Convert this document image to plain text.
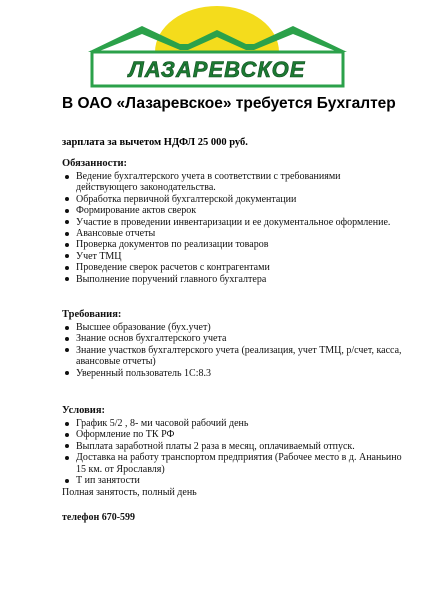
ЛАЗАРЕВСКОЕ
В ОАО «Лазаревское» требуется Бухгалтер
зарплата за вычетом НДФЛ 25 000 руб.
Обязанности:
Ведение бухгалтерского учета в соответствии с требованиями действующего законодательства.
Обработка первичной бухгалтерской документации
Формирование актов сверок
Участие в проведении инвентаризации и ее документальное оформление.
Авансовые отчеты
Проверка документов по реализации товаров
Учет ТМЦ
Проведение сверок расчетов с контрагентами
Выполнение поручений главного бухгалтера
Требования:
Высшее образование (бух.учет)
Знание основ бухгалтерского учета
Знание участков бухгалтерского учета (реализация, учет ТМЦ, р/счет, касса, авансовые отчеты)
Уверенный пользователь 1С:8.3
Условия:
График 5/2 , 8- ми часовой рабочий день
Оформление по ТК РФ
Выплата заработной платы 2 раза в месяц, оплачиваемый отпуск.
Доставка на работу транспортом предприятия (Рабочее место в д. Ананьино 15 км. от Ярославля)
Т ип занятости
Полная занятость, полный день
телефон 670-599
